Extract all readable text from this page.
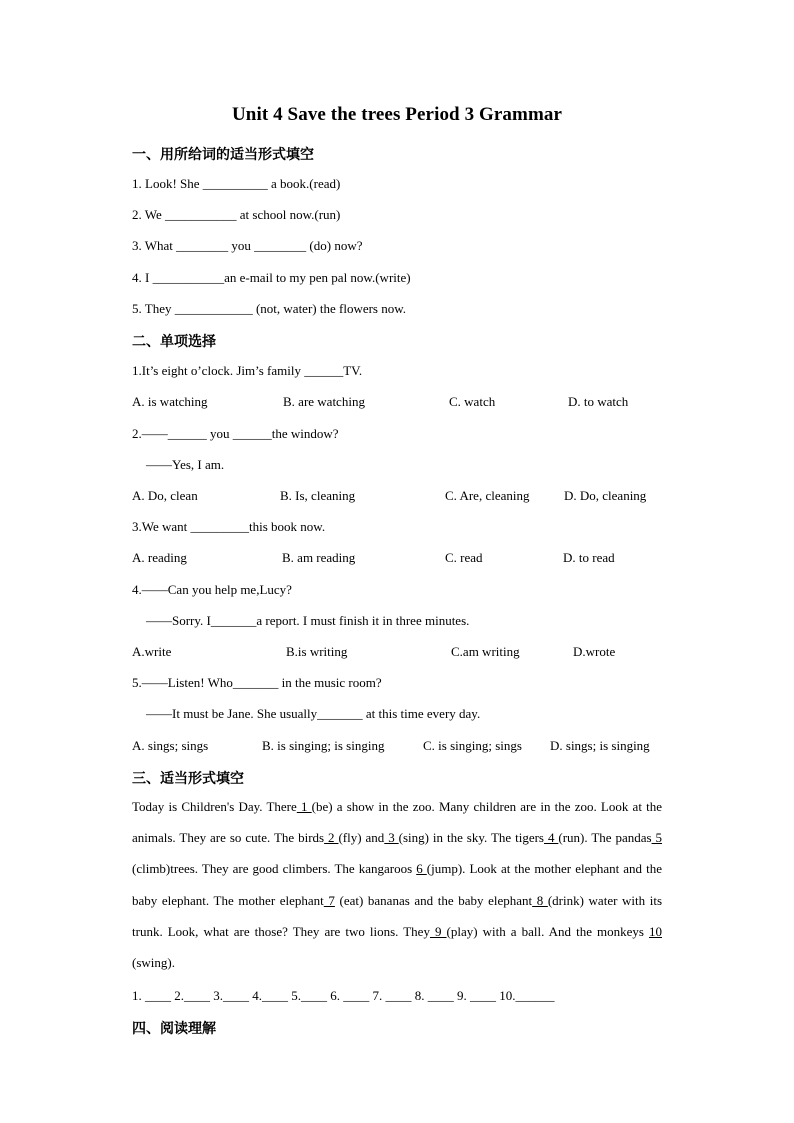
Unit 4 Save the trees Period 3 Grammar
一、用所给词的适当形式填空
1. Look! She __________ a book.(read)
2. We ___________ at school now.(run)
3. What ________ you ________ (do) now?
4. I ___________an e-mail to my pen pal now.(write)
5. They ____________ (not, water) the flowers now.
二、单项选择
1.It’s eight o’clock. Jim’s family ______TV.
A. is watching	B. are watching	C. watch	D. to watch
2.——______ you ______the window?
——Yes, I am.
A. Do, clean	B. Is, cleaning	C. Are, cleaning	D. Do, cleaning
3.We want _________this book now.
A. reading	B. am reading	C. read	D. to read
4.——Can you help me,Lucy?
——Sorry. I_______a report. I must finish it in three minutes.
A.write	B.is writing	C.am writing	D.wrote
5.——Listen! Who_______ in the music room?
——It must be Jane. She usually_______ at this time every day.
A. sings; sings	B. is singing; is singing	C. is singing; sings D. sings; is singing
三、适当形式填空
Today is Children's Day. There 1 (be) a show in the zoo. Many children are in the zoo. Look at the animals. They are so cute. The birds 2 (fly) and 3 (sing) in the sky. The tigers 4 (run). The pandas 5 (climb)trees. They are good climbers. The kangaroos 6 (jump). Look at the mother elephant and the baby elephant. The mother elephant 7 (eat) bananas and the baby elephant 8 (drink) water with its trunk. Look, what are those? They are two lions. They 9 (play) with a ball. And the monkeys 10 (swing).
1. ____ 2.____ 3.____ 4.____ 5.____ 6. ____ 7. ____ 8. ____ 9. ____ 10.______
四、阅读理解
